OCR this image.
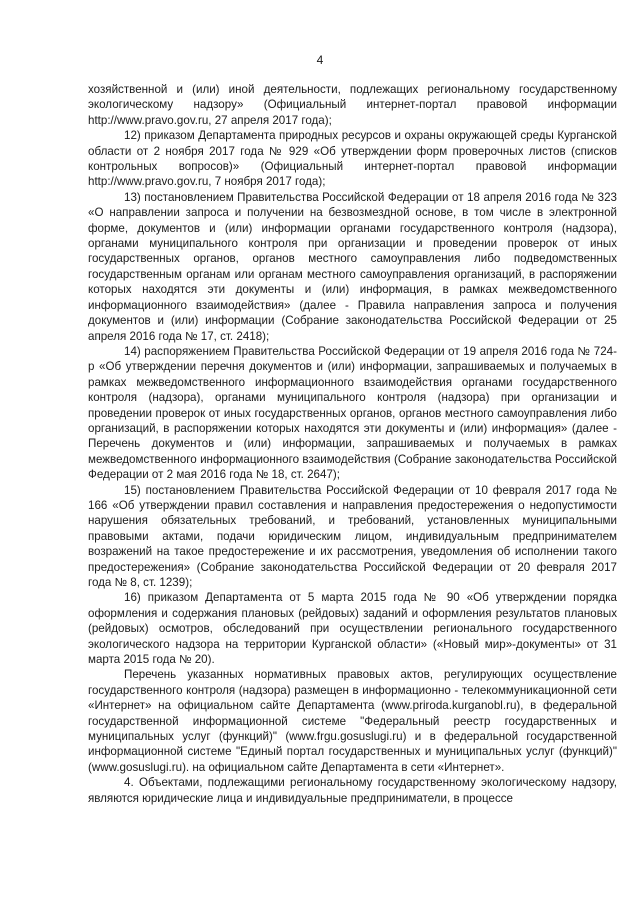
4

хозяйственной и (или) иной деятельности, подлежащих региональному государственному экологическому надзору» (Официальный интернет-портал правовой информации http://www.pravo.gov.ru, 27 апреля 2017 года);

12) приказом Департамента природных ресурсов и охраны окружающей среды Курганской области от 2 ноября 2017 года № 929 «Об утверждении форм проверочных листов (списков контрольных вопросов)» (Официальный интернет-портал правовой информации http://www.pravo.gov.ru, 7 ноября 2017 года);

13) постановлением Правительства Российской Федерации от 18 апреля 2016 года № 323 «О направлении запроса и получении на безвозмездной основе, в том числе в электронной форме, документов и (или) информации органами государственного контроля (надзора), органами муниципального контроля при организации и проведении проверок от иных государственных органов, органов местного самоуправления либо подведомственных государственным органам или органам местного самоуправления организаций, в распоряжении которых находятся эти документы и (или) информация, в рамках межведомственного информационного взаимодействия» (далее - Правила направления запроса и получения документов и (или) информации (Собрание законодательства Российской Федерации от 25 апреля 2016 года № 17, ст. 2418);

14) распоряжением Правительства Российской Федерации от 19 апреля 2016 года № 724-р «Об утверждении перечня документов и (или) информации, запрашиваемых и получаемых в рамках межведомственного информационного взаимодействия органами государственного контроля (надзора), органами муниципального контроля (надзора) при организации и проведении проверок от иных государственных органов, органов местного самоуправления либо организаций, в распоряжении которых находятся эти документы и (или) информация» (далее - Перечень документов и (или) информации, запрашиваемых и получаемых в рамках межведомственного информационного взаимодействия (Собрание законодательства Российской Федерации от 2 мая 2016 года № 18, ст. 2647);

15) постановлением Правительства Российской Федерации от 10 февраля 2017 года № 166 «Об утверждении правил составления и направления предостережения о недопустимости нарушения обязательных требований, и требований, установленных муниципальными правовыми актами, подачи юридическим лицом, индивидуальным предпринимателем возражений на такое предостережение и их рассмотрения, уведомления об исполнении такого предостережения» (Собрание законодательства Российской Федерации от 20 февраля 2017 года № 8, ст. 1239);

16) приказом Департамента от 5 марта 2015 года № 90 «Об утверждении порядка оформления и содержания плановых (рейдовых) заданий и оформления результатов плановых (рейдовых) осмотров, обследований при осуществлении регионального государственного экологического надзора на территории Курганской области» («Новый мир»-документы» от 31 марта 2015 года № 20).

Перечень указанных нормативных правовых актов, регулирующих осуществление государственного контроля (надзора) размещен в информационно - телекоммуникационной сети «Интернет» на официальном сайте Департамента (www.priroda.kurganobl.ru), в федеральной государственной информационной системе "Федеральный реестр государственных и муниципальных услуг (функций)" (www.frgu.gosuslugi.ru) и в федеральной государственной информационной системе "Единый портал государственных и муниципальных услуг (функций)" (www.gosuslugi.ru). на официальном сайте Департамента в сети «Интернет».

4. Объектами, подлежащими региональному государственному экологическому надзору, являются юридические лица и индивидуальные предприниматели, в процессе
